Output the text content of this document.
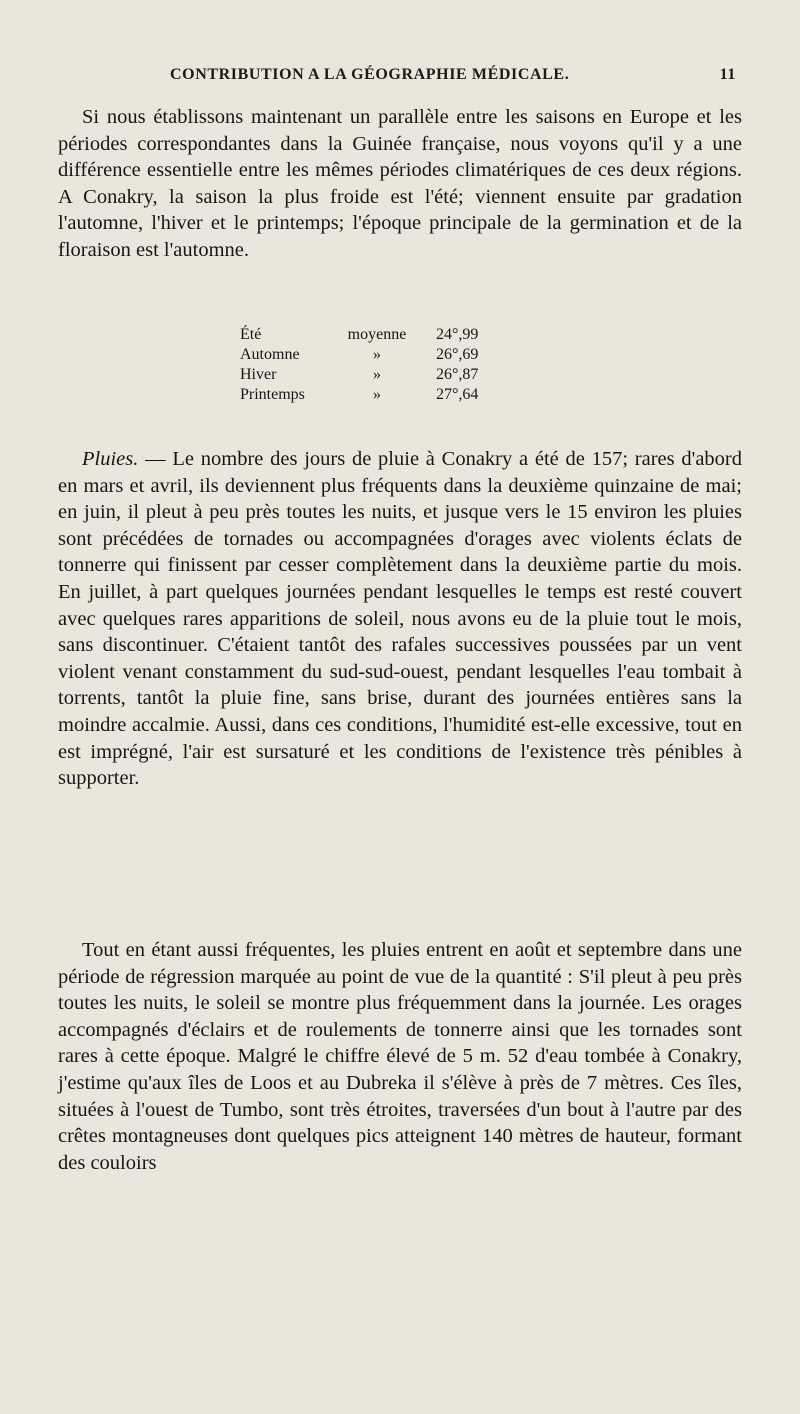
CONTRIBUTION A LA GÉOGRAPHIE MÉDICALE.	11

Si nous établissons maintenant un parallèle entre les saisons en Europe et les périodes correspondantes dans la Guinée française, nous voyons qu'il y a une différence essentielle entre les mêmes périodes climatériques de ces deux régions. A Conakry, la saison la plus froide est l'été; viennent ensuite par gradation l'automne, l'hiver et le printemps; l'époque principale de la germination et de la floraison est l'automne.

Été	moyenne	24°,99
Automne	»	26°,69
Hiver	»	26°,87
Printemps	»	27°,64

Pluies. — Le nombre des jours de pluie à Conakry a été de 157; rares d'abord en mars et avril, ils deviennent plus fréquents dans la deuxième quinzaine de mai; en juin, il pleut à peu près toutes les nuits, et jusque vers le 15 environ les pluies sont précédées de tornades ou accompagnées d'orages avec violents éclats de tonnerre qui finissent par cesser complètement dans la deuxième partie du mois. En juillet, à part quelques journées pendant lesquelles le temps est resté couvert avec quelques rares apparitions de soleil, nous avons eu de la pluie tout le mois, sans discontinuer. C'étaient tantôt des rafales successives poussées par un vent violent venant constamment du sud-sud-ouest, pendant lesquelles l'eau tombait à torrents, tantôt la pluie fine, sans brise, durant des journées entières sans la moindre accalmie. Aussi, dans ces conditions, l'humidité est-elle excessive, tout en est imprégné, l'air est sursaturé et les conditions de l'existence très pénibles à supporter.

Tout en étant aussi fréquentes, les pluies entrent en août et septembre dans une période de régression marquée au point de vue de la quantité : S'il pleut à peu près toutes les nuits, le soleil se montre plus fréquemment dans la journée. Les orages accompagnés d'éclairs et de roulements de tonnerre ainsi que les tornades sont rares à cette époque. Malgré le chiffre élevé de 5 m. 52 d'eau tombée à Conakry, j'estime qu'aux îles de Loos et au Dubreka il s'élève à près de 7 mètres. Ces îles, situées à l'ouest de Tumbo, sont très étroites, traversées d'un bout à l'autre par des crêtes montagneuses dont quelques pics atteignent 140 mètres de hauteur, formant des couloirs
